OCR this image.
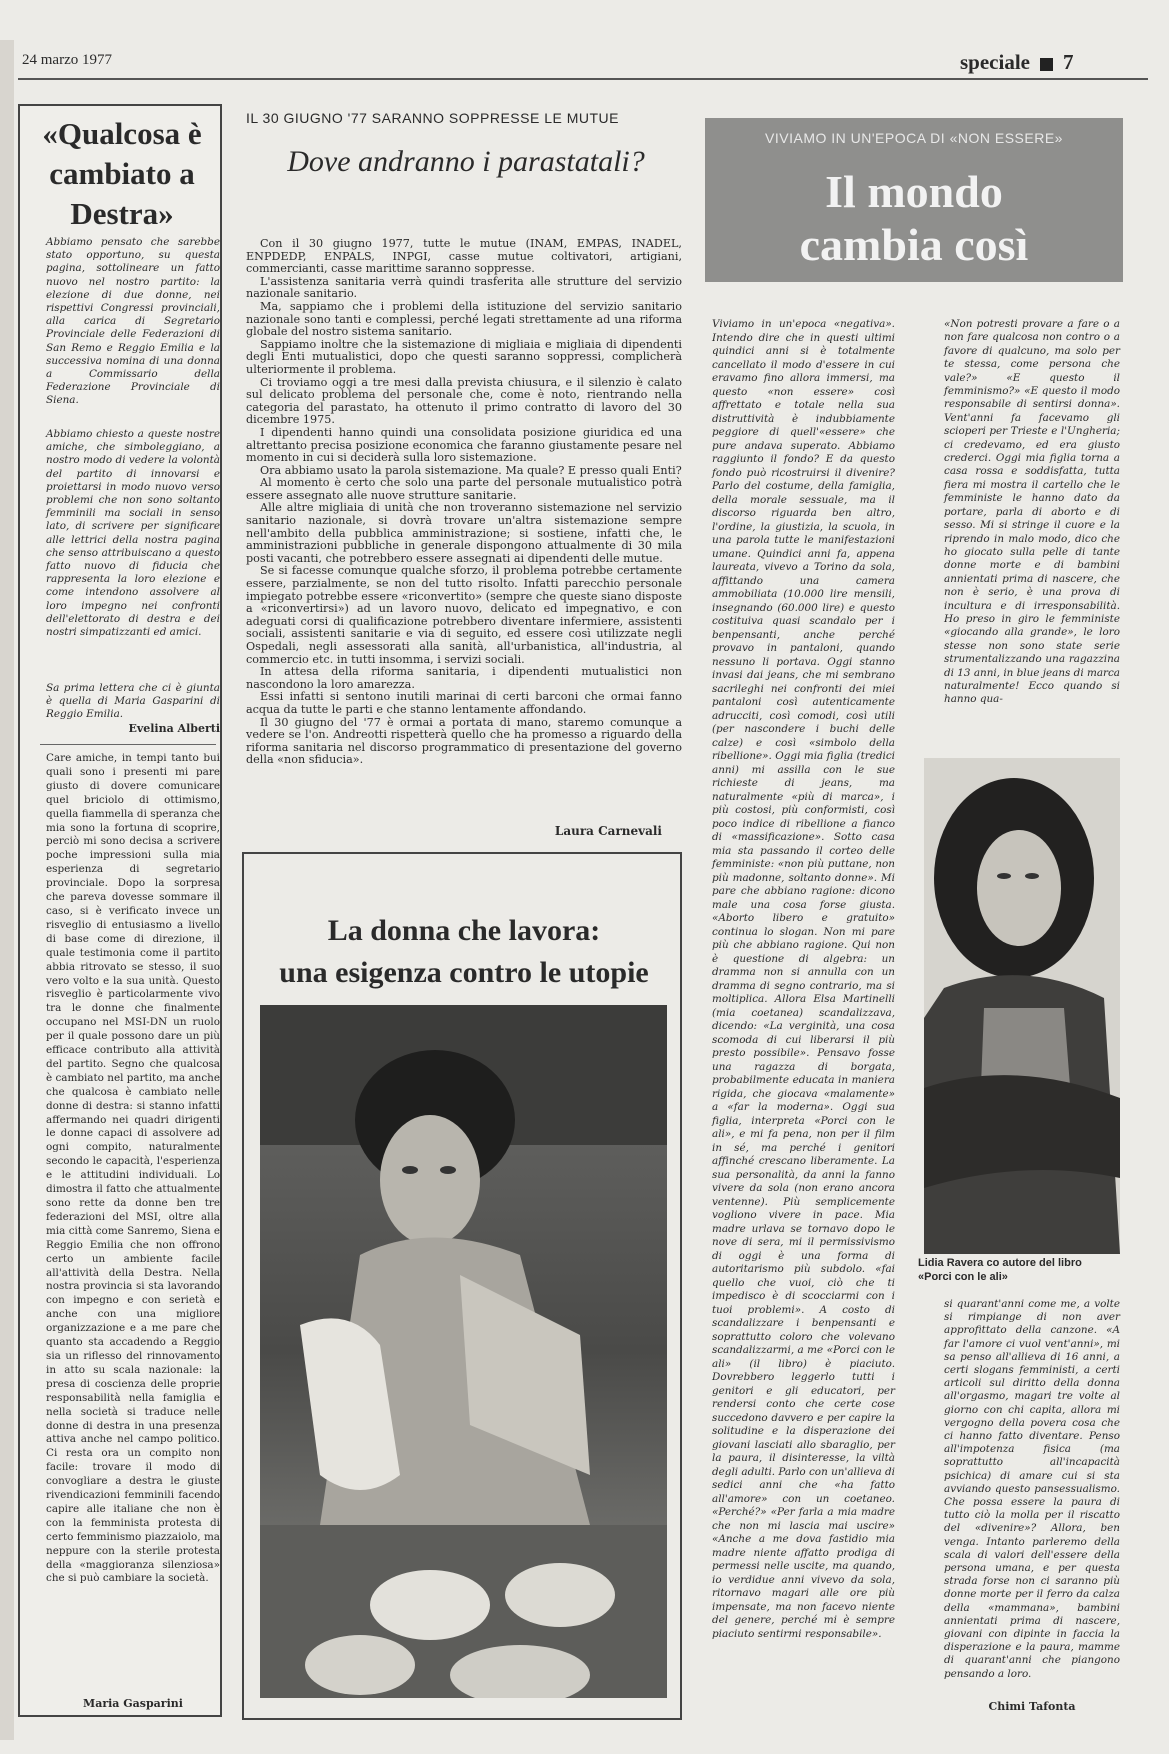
24 marzo 1977	speciale 7
«Qualcosa è cambiato a Destra»

Abbiamo pensato che sarebbe stato opportuno, su questa pagina, sottolineare un fatto nuovo nel nostro partito: la elezione di due donne, nei rispettivi Congressi provinciali, alla carica di Segretario Provinciale delle Federazioni di San Remo e Reggio Emilia e la successiva nomina di una donna a Commissario della Federazione Provinciale di Siena.

Abbiamo chiesto a queste nostre amiche, che simboleggiano, a nostro modo di vedere la volontà del partito di innovarsi e proiettarsi in modo nuovo verso problemi che non sono soltanto femminili ma sociali in senso lato, di scrivere per significare alle lettrici della nostra pagina che senso attribuiscano a questo fatto nuovo di fiducia che rappresenta la loro elezione e come intendono assolvere al loro impegno nei confronti dell'elettorato di destra e dei nostri simpatizzanti ed amici.

Sa prima lettera che ci è giunta è quella di Maria Gasparini di Reggio Emilia.

Evelina Alberti

Care amiche, in tempi tanto bui quali sono i presenti mi pare giusto di dovere comunicare quel briciolo di ottimismo, quella fiammella di speranza che mia sono la fortuna di scoprire, perciò mi sono decisa a scrivere poche impressioni sulla mia esperienza di segretario provinciale. Dopo la sorpresa che pareva dovesse sommare il caso, si è verificato invece un risveglio di entusiasmo a livello di base come di direzione, il quale testimonia come il partito abbia ritrovato se stesso, il suo vero volto e la sua unità. Questo risveglio è particolarmente vivo tra le donne che finalmente occupano nel MSI-DN un ruolo per il quale possono dare un più efficace contributo alla attività del partito. Segno che qualcosa è cambiato nel partito, ma anche che qualcosa è cambiato nelle donne di destra: si stanno infatti affermando nei quadri dirigenti le donne capaci di assolvere ad ogni compito, naturalmente secondo le capacità, l'esperienza e le attitudini individuali. Lo dimostra il fatto che attualmente sono rette da donne ben tre federazioni del MSI, oltre alla mia città come Sanremo, Siena e Reggio Emilia che non offrono certo un ambiente facile all'attività della Destra. Nella nostra provincia si sta lavorando con impegno e con serietà e anche con una migliore organizzazione e a me pare che quanto sta accadendo a Reggio sia un riflesso del rinnovamento in atto su scala nazionale: la presa di coscienza delle proprie responsabilità nella famiglia e nella società si traduce nelle donne di destra in una presenza attiva anche nel campo politico. Ci resta ora un compito non facile: trovare il modo di convogliare a destra le giuste rivendicazioni femminili facendo capire alle italiane che non è con la femminista protesta di certo femminismo piazzaiolo, ma neppure con la sterile protesta della «maggioranza silenziosa» che si può cambiare la società.

Maria Gasparini
IL 30 GIUGNO '77 SARANNO SOPPRESSE LE MUTUE
Dove andranno i parastatali?

Con il 30 giugno 1977, tutte le mutue (INAM, EMPAS, INADEL, ENPDEDP, ENPALS, INPGI, casse mutue coltivatori, artigiani, commercianti, casse marittime saranno soppresse.

L'assistenza sanitaria verrà quindi trasferita alle strutture del servizio nazionale sanitario.

Ma, sappiamo che i problemi della istituzione del servizio sanitario nazionale sono tanti e complessi, perché legati strettamente ad una riforma globale del nostro sistema sanitario.

Sappiamo inoltre che la sistemazione di migliaia e migliaia di dipendenti degli Enti mutualistici, dopo che questi saranno soppressi, complicherà ulteriormente il problema.

Ci troviamo oggi a tre mesi dalla prevista chiusura, e il silenzio è calato sul delicato problema del personale che, come è noto, rientrando nella categoria del parastato, ha ottenuto il primo contratto di lavoro del 30 dicembre 1975.

I dipendenti hanno quindi una consolidata posizione giuridica ed una altrettanto precisa posizione economica che faranno giustamente pesare nel momento in cui si deciderà sulla loro sistemazione.

Ora abbiamo usato la parola sistemazione. Ma quale? E presso quali Enti?

Al momento è certo che solo una parte del personale mutualistico potrà essere assegnato alle nuove strutture sanitarie.

Alle altre migliaia di unità che non troveranno sistemazione nel servizio sanitario nazionale, si dovrà trovare un'altra sistemazione sempre nell'ambito della pubblica amministrazione; si sostiene, infatti che, le amministrazioni pubbliche in generale dispongono attualmente di 30 mila posti vacanti, che potrebbero essere assegnati ai dipendenti delle mutue.

Se si facesse comunque qualche sforzo, il problema potrebbe certamente essere, parzialmente, se non del tutto risolto. Infatti parecchio personale impiegato potrebbe essere «riconvertito» (sempre che queste siano disposte a «riconvertirsi») ad un lavoro nuovo, delicato ed impegnativo, e con adeguati corsi di qualificazione potrebbero diventare infermiere, assistenti sociali, assistenti sanitarie e via di seguito, ed essere così utilizzate negli Ospedali, negli assessorati alla sanità, all'urbanistica, all'industria, al commercio etc. in tutti insomma, i servizi sociali.

In attesa della riforma sanitaria, i dipendenti mutualistici non nascondono la loro amarezza.

Essi infatti si sentono inutili marinai di certi barconi che ormai fanno acqua da tutte le parti e che stanno lentamente affondando.

Il 30 giugno del '77 è ormai a portata di mano, staremo comunque a vedere se l'on. Andreotti rispetterà quello che ha promesso a riguardo della riforma sanitaria nel discorso programmatico di presentazione del governo della «non sfiducia».

Laura Carnevali
La donna che lavora:
una esigenza contro le utopie
VIVIAMO IN UN'EPOCA DI «NON ESSERE»
Il mondo
cambia così

Viviamo in un'epoca «negativa». Intendo dire che in questi ultimi quindici anni si è totalmente cancellato il modo d'essere in cui eravamo fino allora immersi, ma questo «non essere» così affrettato e totale nella sua distruttività è indubbiamente peggiore di quell'«essere» che pure andava superato. Abbiamo raggiunto il fondo? E da questo fondo può ricostruirsi il divenire? Parlo del costume, della famiglia, della morale sessuale, ma il discorso riguarda ben altro, l'ordine, la giustizia, la scuola, in una parola tutte le manifestazioni umane. Quindici anni fa, appena laureata, vivevo a Torino da sola, affittando una camera ammobiliata (10.000 lire mensili, insegnando (60.000 lire) e questo costituiva quasi scandalo per i benpensanti, anche perché provavo in pantaloni, quando nessuno li portava. Oggi stanno invasi dai jeans, che mi sembrano sacrileghi nei confronti dei miei pantaloni così autenticamente adrucciti, così comodi, così utili (per nascondere i buchi delle calze) e così «simbolo della ribellione». Oggi mia figlia (tredici anni) mi assilla con le sue richieste di jeans, ma naturalmente «più di marca», i più costosi, più conformisti, così poco indice di ribellione a fianco di «massificazione». Sotto casa mia sta passando il corteo delle femministe: «non più puttane, non più madonne, soltanto donne». Mi pare che abbiano ragione: dicono male una cosa forse giusta. «Aborto libero e gratuito» continua lo slogan. Non mi pare più che abbiano ragione. Qui non è questione di algebra: un dramma non si annulla con un dramma di segno contrario, ma si moltiplica. Allora Elsa Martinelli (mia coetanea) scandalizzava, dicendo: «La verginità, una cosa scomoda di cui liberarsi il più presto possibile». Pensavo fosse una ragazza di borgata, probabilmente educata in maniera rigida, che giocava «malamente» a «far la moderna». Oggi sua figlia, interpreta «Porci con le ali», e mi fa pena, non per il film in sé, ma perché i genitori affinché crescano liberamente. La sua personalità, da anni la fanno vivere da sola (non erano ancora ventenne). Più semplicemente vogliono vivere in pace. Mia madre urlava se tornavo dopo le nove di sera, mi il permissivismo di oggi è una forma di autoritarismo più subdolo. «fai quello che vuoi, ciò che ti impedisco è di scocciarmi con i tuoi problemi». A costo di scandalizzare i benpensanti e soprattutto coloro che volevano scandalizzarmi, a me «Porci con le ali» (il libro) è piaciuto. Dovrebbero leggerlo tutti i genitori e gli educatori, per rendersi conto che certe cose succedono davvero e per capire la solitudine e la disperazione dei giovani lasciati allo sbaraglio, per la paura, il disinteresse, la viltà degli adulti. Parlo con un'allieva di sedici anni che «ha fatto all'amore» con un coetaneo. «Perché?» «Per farla a mia madre che non mi lascia mai uscire» «Anche a me dova fastidio mia madre niente affatto prodiga di permessi nelle uscite, ma quando, io verdidue anni vivevo da sola, ritornavo magari alle ore più impensate, ma non facevo niente del genere, perché mi è sempre piaciuto sentirmi responsabile».

«Non potresti provare a fare o a non fare qualcosa non contro o a favore di qualcuno, ma solo per te stessa, come persona che vale?» «E questo il femminismo?» «E questo il modo responsabile di sentirsi donna». Vent'anni fa facevamo gli scioperi per Trieste e l'Ungheria; ci credevamo, ed era giusto crederci. Oggi mia figlia torna a casa rossa e soddisfatta, tutta fiera mi mostra il cartello che le femministe le hanno dato da portare, parla di aborto e di sesso. Mi si stringe il cuore e la riprendo in malo modo, dico che ho giocato sulla pelle di tante donne morte e di bambini annientati prima di nascere, che non è serio, è una prova di incultura e di irresponsabilità. Ho preso in giro le femministe «giocando alla grande», le loro stesse non sono state serie strumentalizzando una ragazzina di 13 anni, in blue jeans di marca naturalmente! Ecco quando si hanno qua-

Lidia Ravera co autore del libro «Porci con le ali»

si quarant'anni come me, a volte si rimpiange di non aver approfittato della canzone. «A far l'amore ci vuol vent'anni», mi sa penso all'allieva di 16 anni, a certi slogans femministi, a certi articoli sul diritto della donna all'orgasmo, magari tre volte al giorno con chi capita, allora mi vergogno della povera cosa che ci hanno fatto diventare. Penso all'impotenza fisica (ma soprattutto all'incapacità psichica) di amare cui si sta avviando questo pansessualismo. Che possa essere la paura di tutto ciò la molla per il riscatto del «divenire»? Allora, ben venga. Intanto parleremo della scala di valori dell'essere della persona umana, e per questa strada forse non ci saranno più donne morte per il ferro da calza della «mammana», bambini annientati prima di nascere, giovani con dipinte in faccia la disperazione e la paura, mamme di quarant'anni che piangono pensando a loro.

Chimi Tafonta
